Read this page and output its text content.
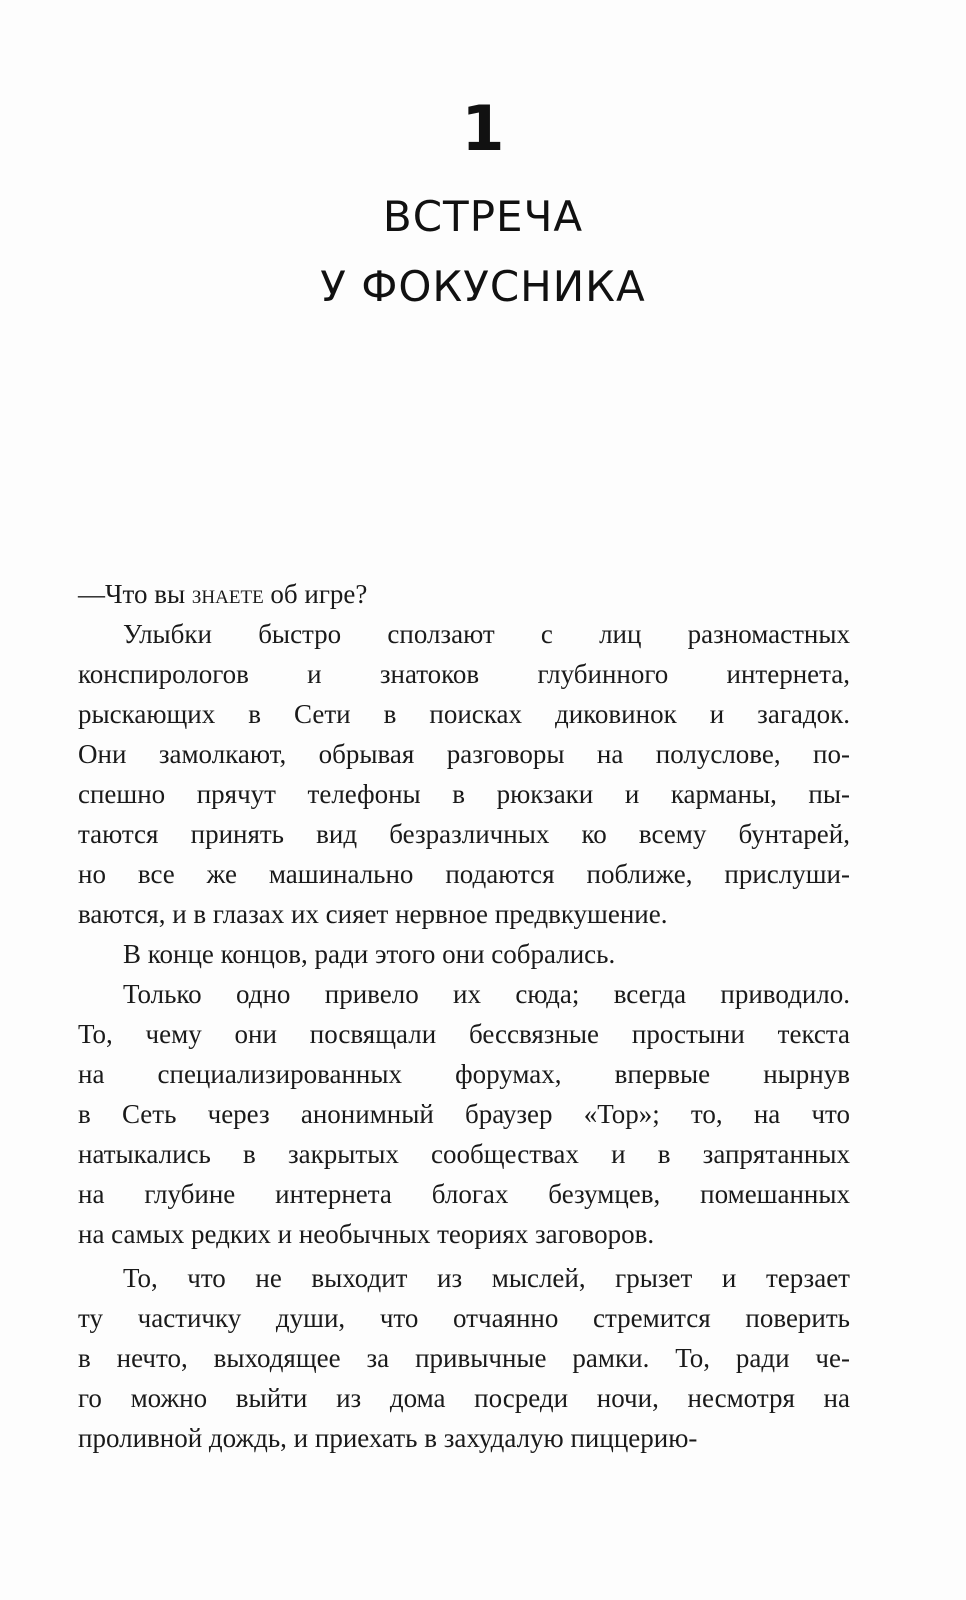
1
ВСТРЕЧА
У ФОКУСНИКА
—Что вы знаете об игре?
Улыбки быстро сползают с лиц разномастных
конспирологов и знатоков глубинного интернета,
рыскающих в Сети в поисках диковинок и загадок.
Они замолкают, обрывая разговоры на полуслове, по-
спешно прячут телефоны в рюкзаки и карманы, пы-
таются принять вид безразличных ко всему бунтарей,
но все же машинально подаются поближе, прислуши-
ваются, и в глазах их сияет нервное предвкушение.
В конце концов, ради этого они собрались.
Только одно привело их сюда; всегда приводило.
То, чему они посвящали бессвязные простыни текста
на специализированных форумах, впервые нырнув
в Сеть через анонимный браузер «Тор»; то, на что
натыкались в закрытых сообществах и в запрятанных
на глубине интернета блогах безумцев, помешанных
на самых редких и необычных теориях заговоров.
То, что не выходит из мыслей, грызет и терзает
ту частичку души, что отчаянно стремится поверить
в нечто, выходящее за привычные рамки. То, ради че-
го можно выйти из дома посреди ночи, несмотря на
проливной дождь, и приехать в захудалую пиццерию-
